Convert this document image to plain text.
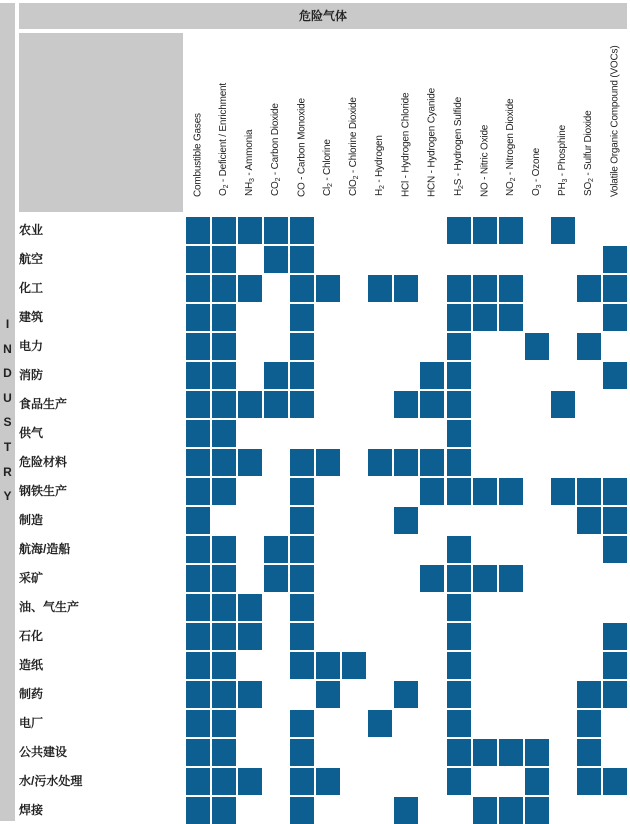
I
N
D
U
S
T
R
Y
危险气体
Combustible Gases $O_2$ - Deficient / Enrichment
$NH_3$ - Ammonia
$CO_2$ - Carbon Dioxide CO - Carbon Monoxide $Cl_2$ - Chlorine
ClO$_2$ - Chlorine Dioxide
$H_2$ - Hydrogen HCl - Hydrogen Chloride HCN - Hydrogen Cyanide $H_2S$ - Hydrogen Sulfide NO - Nitric Oxide $NO_2$ - Nitrogen Dioxide
$O_3$ - Ozone
$PH_3$ - Phosphine
$SO_2$ - Sulfur Dioxide Volatile Organic Compound (VOCs)
农业
航空
化工
建筑
电力
消防
食品生产
供气
危险材料
钢铁生产
制造
航海/造船
采矿
油、气生产
石化
造纸
制药
电厂
公共建设
水/污水处理
焊接
